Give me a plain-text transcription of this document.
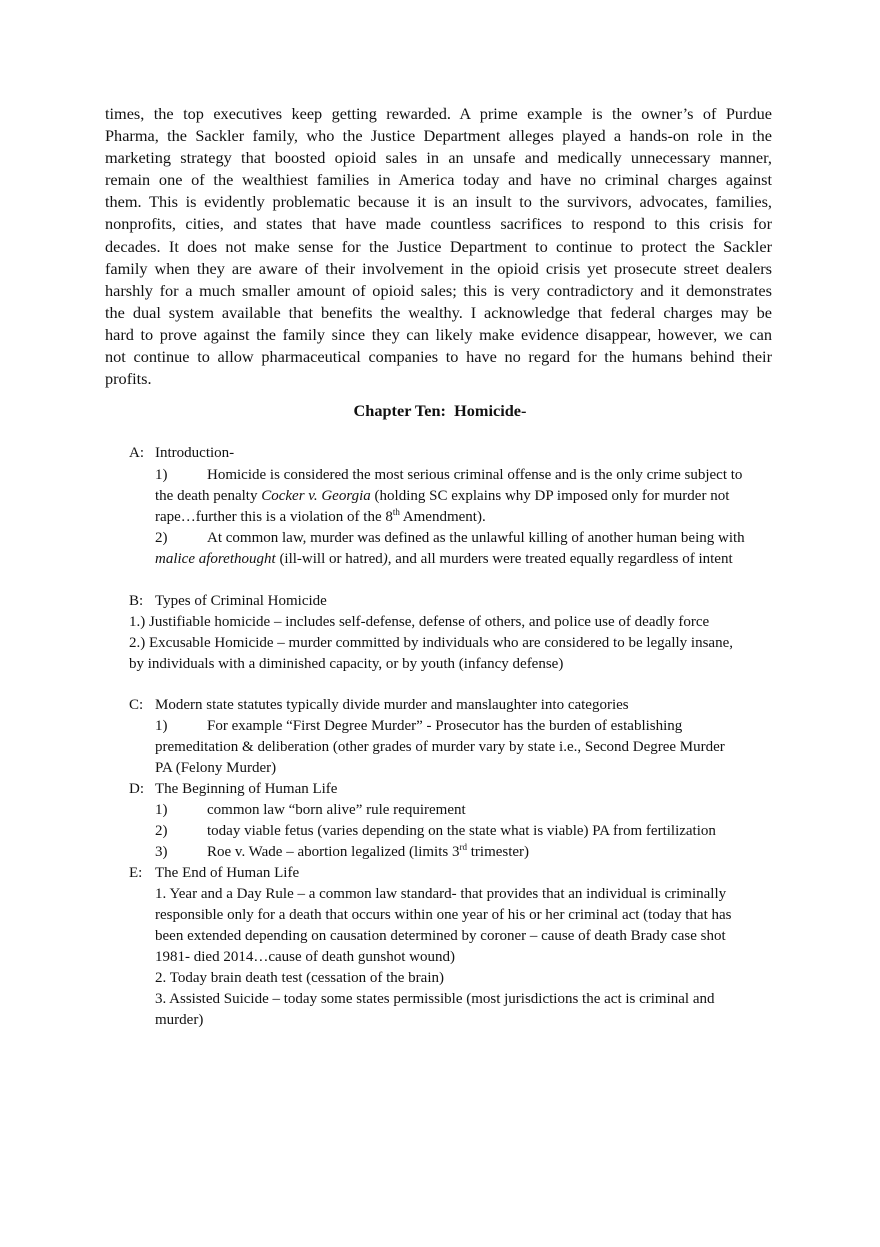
times, the top executives keep getting rewarded. A prime example is the owner’s of Purdue
Pharma, the Sackler family, who the Justice Department alleges played a hands-on role in the
marketing strategy that boosted opioid sales in an unsafe and medically unnecessary manner,
remain one of the wealthiest families in America today and have no criminal charges against
them. This is evidently problematic because it is an insult to the survivors, advocates, families,
nonprofits, cities, and states that have made countless sacrifices to respond to this crisis for
decades. It does not make sense for the Justice Department to continue to protect the Sackler
family when they are aware of their involvement in the opioid crisis yet prosecute street dealers
harshly for a much smaller amount of opioid sales; this is very contradictory and it demonstrates
the dual system available that benefits the wealthy. I acknowledge that federal charges may be
hard to prove against the family since they can likely make evidence disappear, however, we can
not continue to allow pharmaceutical companies to have no regard for the humans behind their
profits.
Chapter Ten:  Homicide-
A: Introduction-
1)	Homicide is considered the most serious criminal offense and is the only crime subject to
the death penalty Cocker v. Georgia (holding SC explains why DP imposed only for murder not
rape…further this is a violation of the 8th Amendment).
2)	At common law, murder was defined as the unlawful killing of another human being with
malice aforethought (ill-will or hatred), and all murders were treated equally regardless of intent
B: Types of Criminal Homicide
1.) Justifiable homicide – includes self-defense, defense of others, and police use of deadly force
2.) Excusable Homicide – murder committed by individuals who are considered to be legally insane,
by individuals with a diminished capacity, or by youth (infancy defense)
C: Modern state statutes typically divide murder and manslaughter into categories
1)	For example “First Degree Murder” - Prosecutor has the burden of establishing
premeditation & deliberation (other grades of murder vary by state i.e., Second Degree Murder
PA (Felony Murder)
D: The Beginning of Human Life
1)	common law “born alive” rule requirement
2)	today viable fetus (varies depending on the state what is viable) PA from fertilization
3)	Roe v. Wade – abortion legalized (limits 3rd trimester)
E: The End of Human Life
1. Year and a Day Rule – a common law standard- that provides that an individual is criminally
responsible only for a death that occurs within one year of his or her criminal act (today that has
been extended depending on causation determined by coroner – cause of death Brady case shot
1981- died 2014…cause of death gunshot wound)
2. Today brain death test (cessation of the brain)
3. Assisted Suicide – today some states permissible (most jurisdictions the act is criminal and
murder)
